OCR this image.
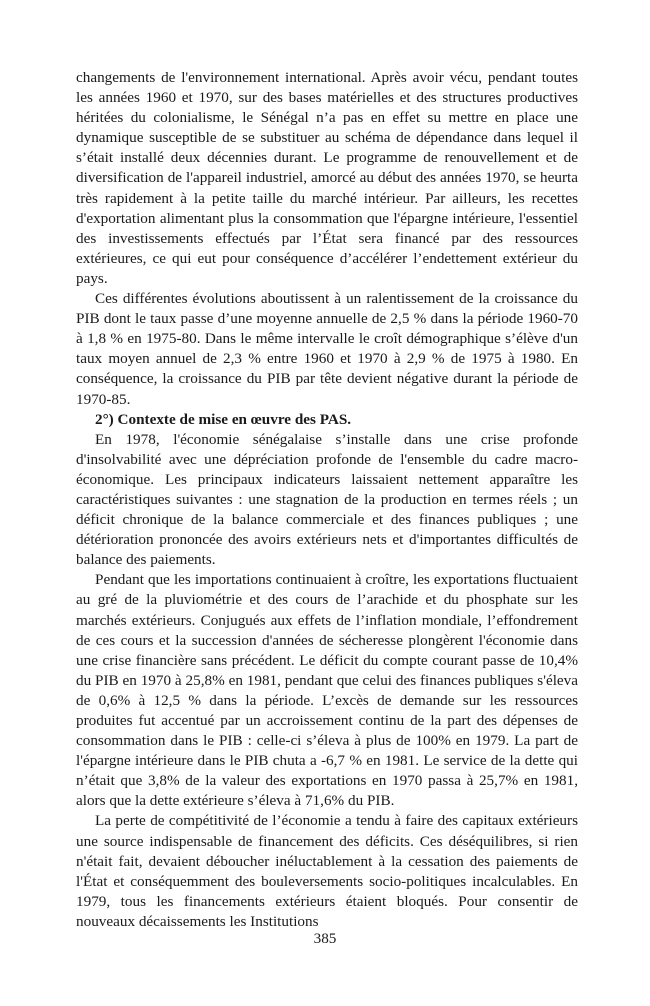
changements de l'environnement international. Après avoir vécu, pendant toutes les années 1960 et 1970, sur des bases matérielles et des structures productives héritées du colonialisme, le Sénégal n’a pas en effet su mettre en place une dynamique susceptible de se substituer au schéma de dépendance dans lequel il s’était installé deux décennies durant. Le programme de renouvellement et de diversification de l'appareil industriel, amorcé au début des années 1970, se heurta très rapidement à la petite taille du marché intérieur. Par ailleurs, les recettes d'exportation alimentant plus la consommation que l'épargne intérieure, l'essentiel des investissements effectués par l’État sera financé par des ressources extérieures, ce qui eut pour conséquence d’accélérer l’endettement extérieur du pays.

Ces différentes évolutions aboutissent à un ralentissement de la croissance du PIB dont le taux passe d’une moyenne annuelle de 2,5 % dans la période 1960-70 à 1,8 % en 1975-80. Dans le même intervalle le croît démographique s’élève d'un taux moyen annuel de 2,3 % entre 1960 et 1970 à 2,9 % de 1975 à 1980. En conséquence, la croissance du PIB par tête devient négative durant la période de 1970-85.

2°) Contexte de mise en œuvre des PAS.

En 1978, l'économie sénégalaise s’installe dans une crise profonde d'insolvabilité avec une dépréciation profonde de l'ensemble du cadre macro-économique. Les principaux indicateurs laissaient nettement apparaître les caractéristiques suivantes : une stagnation de la production en termes réels ; un déficit chronique de la balance commerciale et des finances publiques ; une détérioration prononcée des avoirs extérieurs nets et d'importantes difficultés de balance des paiements.

Pendant que les importations continuaient à croître, les exportations fluctuaient au gré de la pluviométrie et des cours de l’arachide et du phosphate sur les marchés extérieurs. Conjugués aux effets de l’inflation mondiale, l’effondrement de ces cours et la succession d'années de sécheresse plongèrent l'économie dans une crise financière sans précédent. Le déficit du compte courant passe de 10,4% du PIB en 1970 à 25,8% en 1981, pendant que celui des finances publiques s'éleva de 0,6% à 12,5 % dans la période. L’excès de demande sur les ressources produites fut accentué par un accroissement continu de la part des dépenses de consommation dans le PIB : celle-ci s’éleva à plus de 100% en 1979. La part de l'épargne intérieure dans le PIB chuta a -6,7 % en 1981. Le service de la dette qui n’était que 3,8% de la valeur des exportations en 1970 passa à 25,7% en 1981, alors que la dette extérieure s’éleva à 71,6% du PIB.

La perte de compétitivité de l’économie a tendu à faire des capitaux extérieurs une source indispensable de financement des déficits. Ces déséquilibres, si rien n'était fait, devaient déboucher inéluctablement à la cessation des paiements de l'État et conséquemment des bouleversements socio-politiques incalculables. En 1979, tous les financements extérieurs étaient bloqués. Pour consentir de nouveaux décaissements les Institutions

385
